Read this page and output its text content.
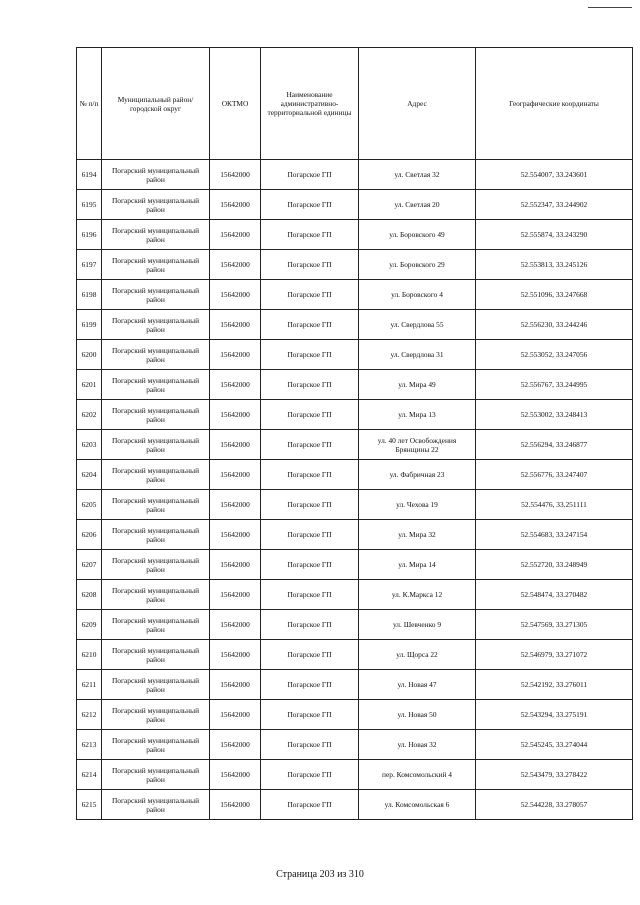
№ п/п	Муниципальный район/городской округ	ОКТМО	Наименование административно-территориальной единицы	Адрес	Географические координаты
6194	Погарский муниципальный район	15642000	Погарское ГП	ул. Светлая 32	52.554007, 33.243601
6195	Погарский муниципальный район	15642000	Погарское ГП	ул. Светлая 20	52.552347, 33.244902
6196	Погарский муниципальный район	15642000	Погарское ГП	ул. Боровского 49	52.555874, 33.243290
6197	Погарский муниципальный район	15642000	Погарское ГП	ул. Боровского 29	52.553813, 33.245126
6198	Погарский муниципальный район	15642000	Погарское ГП	ул. Боровского 4	52.551096, 33.247668
6199	Погарский муниципальный район	15642000	Погарское ГП	ул. Свердлова 55	52.556230, 33.244246
6200	Погарский муниципальный район	15642000	Погарское ГП	ул. Свердлова 31	52.553052, 33.247056
6201	Погарский муниципальный район	15642000	Погарское ГП	ул. Мира 49	52.556767, 33.244995
6202	Погарский муниципальный район	15642000	Погарское ГП	ул. Мира 13	52.553002, 33.248413
6203	Погарский муниципальный район	15642000	Погарское ГП	ул. 40 лет Освобождения Брянщины 22	52.556294, 33.246877
6204	Погарский муниципальный район	15642000	Погарское ГП	ул. Фабричная 23	52.556776, 33.247407
6205	Погарский муниципальный район	15642000	Погарское ГП	ул. Чехова 19	52.554476, 33.251111
6206	Погарский муниципальный район	15642000	Погарское ГП	ул. Мира 32	52.554683, 33.247154
6207	Погарский муниципальный район	15642000	Погарское ГП	ул. Мира 14	52.552720, 33.248949
6208	Погарский муниципальный район	15642000	Погарское ГП	ул. К.Маркса 12	52.548474, 33.270482
6209	Погарский муниципальный район	15642000	Погарское ГП	ул. Шевченко 9	52.547569, 33.271305
6210	Погарский муниципальный район	15642000	Погарское ГП	ул. Щорса 22	52.546979, 33.271072
6211	Погарский муниципальный район	15642000	Погарское ГП	ул. Новая 47	52.542192, 33.276011
6212	Погарский муниципальный район	15642000	Погарское ГП	ул. Новая 50	52.543294, 33.275191
6213	Погарский муниципальный район	15642000	Погарское ГП	ул. Новая 32	52.545245, 33.274044
6214	Погарский муниципальный район	15642000	Погарское ГП	пер. Комсомольский 4	52.543479, 33.278422
6215	Погарский муниципальный район	15642000	Погарское ГП	ул. Комсомольская 6	52.544228, 33.278057
Страница 203 из 310
